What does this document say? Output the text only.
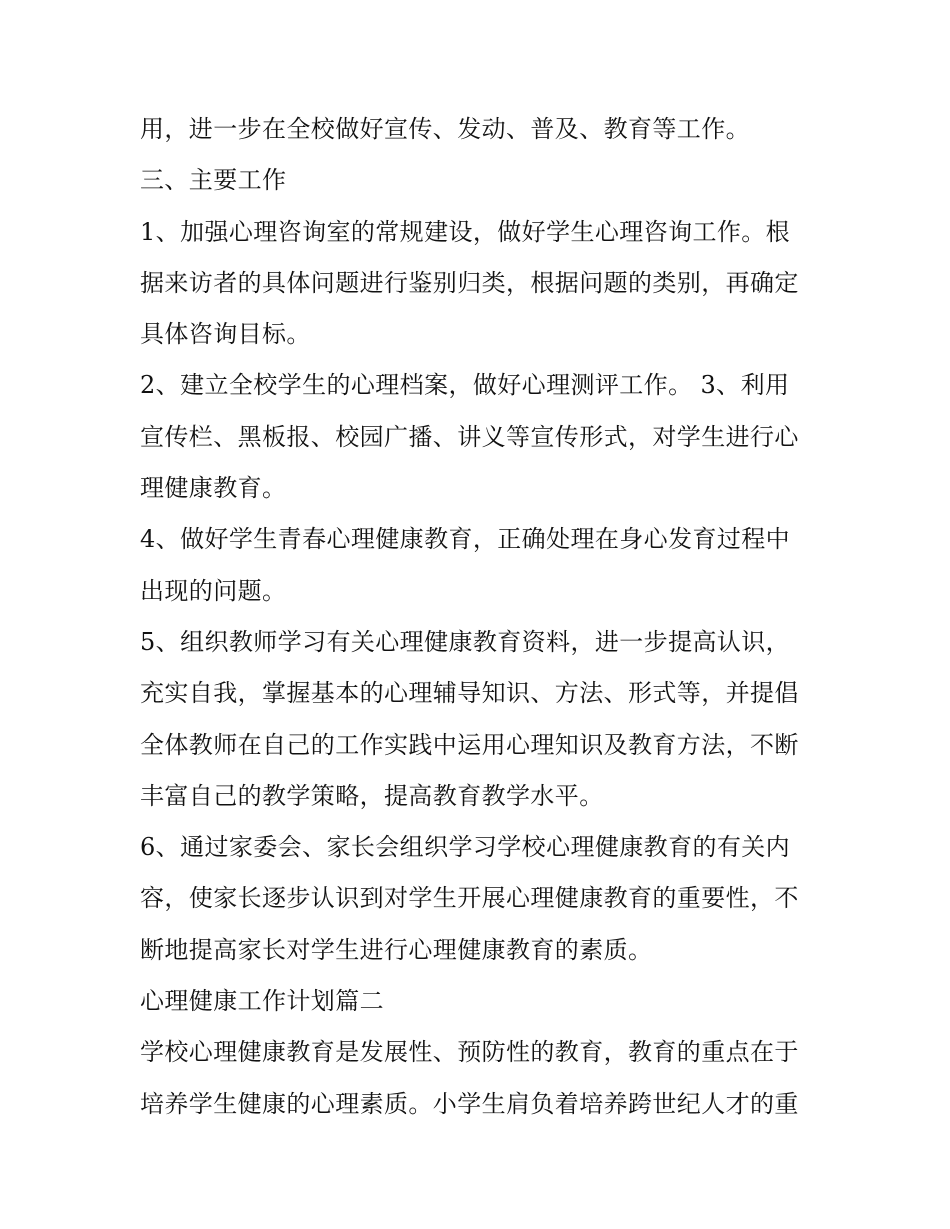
用，进一步在全校做好宣传、发动、普及、教育等工作。
三、主要工作
1、加强心理咨询室的常规建设，做好学生心理咨询工作。根
据来访者的具体问题进行鉴别归类，根据问题的类别，再确定
具体咨询目标。
2、建立全校学生的心理档案，做好心理测评工作。 3、利用
宣传栏、黑板报、校园广播、讲义等宣传形式，对学生进行心
理健康教育。
4、做好学生青春心理健康教育，正确处理在身心发育过程中
出现的问题。
5、组织教师学习有关心理健康教育资料，进一步提高认识，
充实自我，掌握基本的心理辅导知识、方法、形式等，并提倡
全体教师在自己的工作实践中运用心理知识及教育方法，不断
丰富自己的教学策略，提高教育教学水平。
6、通过家委会、家长会组织学习学校心理健康教育的有关内
容，使家长逐步认识到对学生开展心理健康教育的重要性，不
断地提高家长对学生进行心理健康教育的素质。
心理健康工作计划篇二
学校心理健康教育是发展性、预防性的教育，教育的重点在于
培养学生健康的心理素质。小学生肩负着培养跨世纪人才的重
